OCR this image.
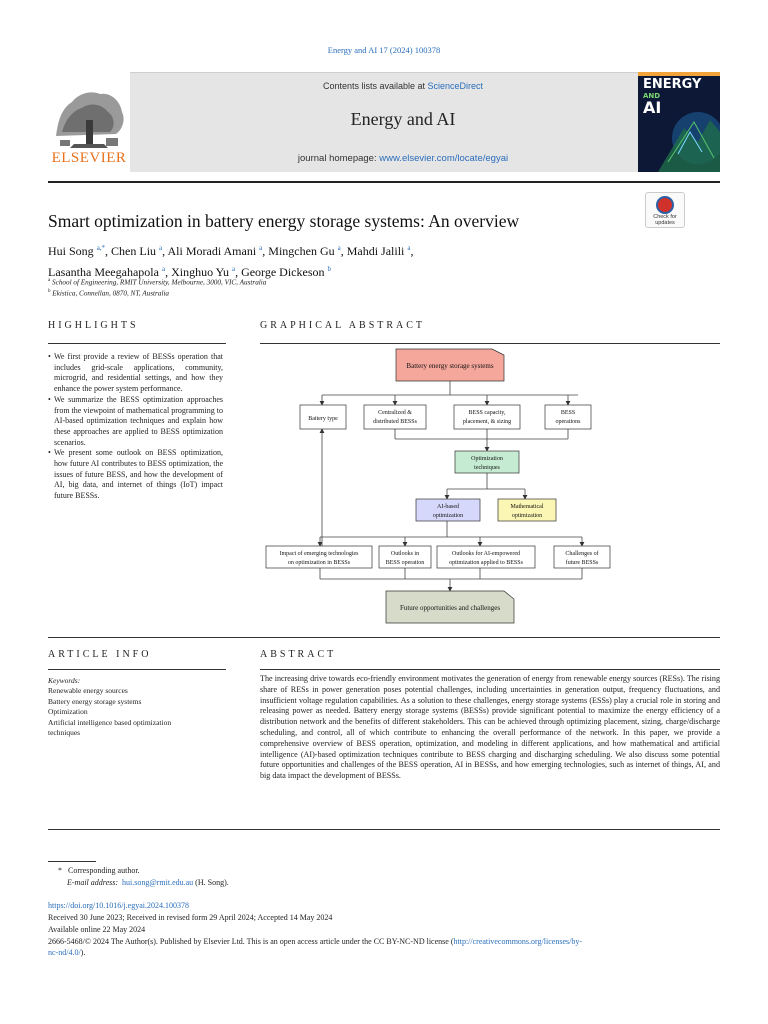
Energy and AI 17 (2024) 100378
ELSEVIER
Contents lists available at ScienceDirect
Energy and AI
journal homepage: www.elsevier.com/locate/egyai
ENERGY
AND
AI
Smart optimization in battery energy storage systems: An overview	Check for
updates
Hui Song $^{a,*}$, Chen Liu $^a$, Ali Moradi Amani $^a$, Mingchen Gu $^a$, Mahdi Jalili $^a$,
Lasantha Meegahapola $^a$, Xinghuo Yu $^a$, George Dickeson $^b$
$^a$ School of Engineering, RMIT University, Melbourne, 3000, VIC, Australia
$^b$ Ekistica, Connellan, 0870, NT, Australia
HIGHLIGHTS
• We first provide a review of BESSs operation that includes grid-scale applications, community, microgrid, and residential settings, and how they enhance the power system performance.
• We summarize the BESS optimization approaches from the viewpoint of mathematical programming to AI-based optimization techniques and explain how these approaches are applied to BESS optimization scenarios.
• We present some outlook on BESS optimization, how future AI contributes to BESS optimization, the issues of future BESS, and how the development of AI, big data, and internet of things (IoT) impact future BESSs.
GRAPHICAL ABSTRACT
Battery energy storage systems
Battery type
Centralized &
distributed BESSs
BESS capacity,
placement, & sizing
BESS
operations
Optimization
techniques
AI-based
optimization
Mathematical
optimization
Impact of emerging technologies
on optimization in BESSs
Outlooks in
BESS operation
Outlooks for AI-empowered
optimization applied to BESSs
Challenges of
future BESSs
Future opportunities and challenges
ARTICLE INFO
Keywords:
Renewable energy sources
Battery energy storage systems
Optimization
Artificial intelligence based optimization
techniques
ABSTRACT
The increasing drive towards eco-friendly environment motivates the generation of energy from renewable energy sources (RESs). The rising share of RESs in power generation poses potential challenges, including uncertainties in generation output, frequency fluctuations, and insufficient voltage regulation capabilities. As a solution to these challenges, energy storage systems (ESSs) play a crucial role in storing and releasing power as needed. Battery energy storage systems (BESSs) provide significant potential to maximize the energy efficiency of a distribution network and the benefits of different stakeholders. This can be achieved through optimizing placement, sizing, charge/discharge scheduling, and control, all of which contribute to enhancing the overall performance of the network. In this paper, we provide a comprehensive overview of BESS operation, optimization, and modeling in different applications, and how mathematical and artificial intelligence (AI)-based optimization techniques contribute to BESS charging and discharging scheduling. We also discuss some potential future opportunities and challenges of the BESS operation, AI in BESSs, and how emerging technologies, such as internet of things, AI, and big data impact the development of BESSs.
* Corresponding author.
E-mail address: hui.song@rmit.edu.au (H. Song).
https://doi.org/10.1016/j.egyai.2024.100378
Received 30 June 2023; Received in revised form 29 April 2024; Accepted 14 May 2024
Available online 22 May 2024
2666-5468/© 2024 The Author(s). Published by Elsevier Ltd. This is an open access article under the CC BY-NC-ND license (http://creativecommons.org/licenses/by-
nc-nd/4.0/).
